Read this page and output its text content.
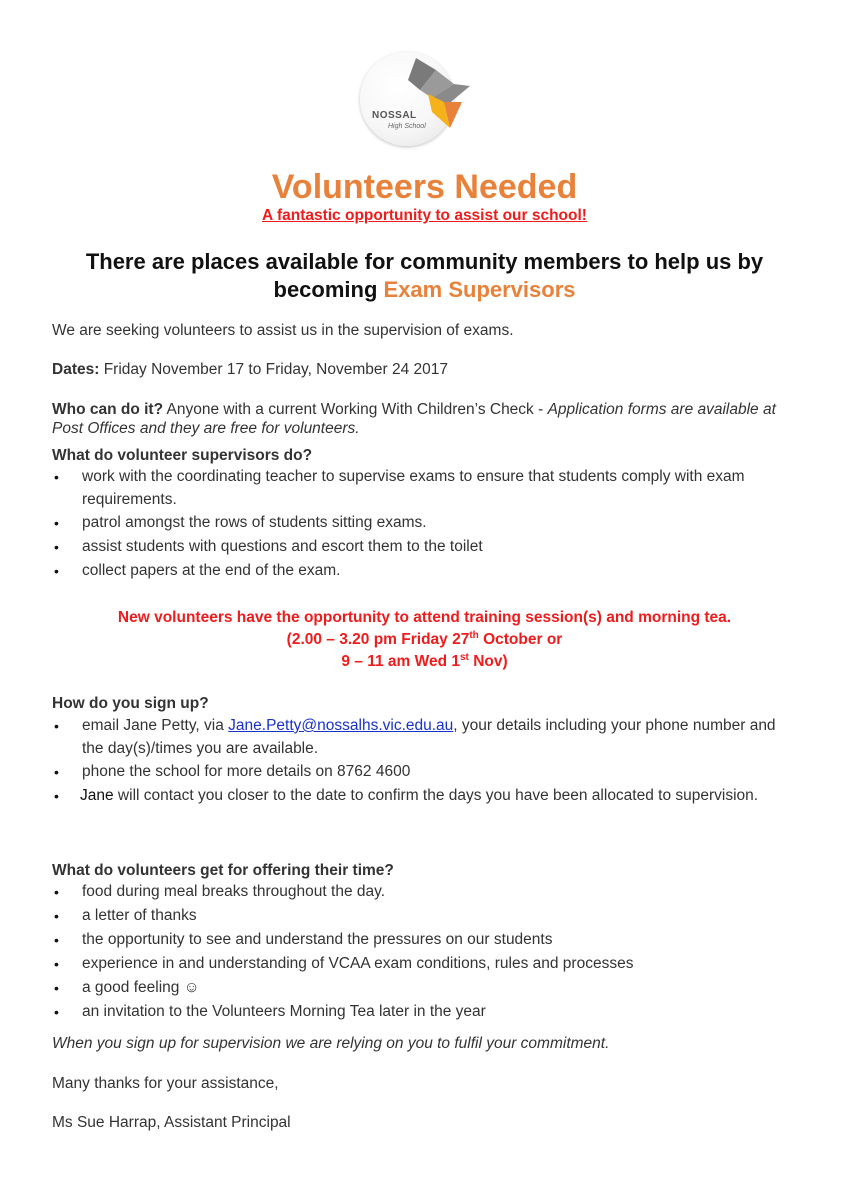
NOSSAL
High School
Volunteers Needed
A fantastic opportunity to assist our school!
There are places available for community members to help us by
becoming Exam Supervisors
We are seeking volunteers to assist us in the supervision of exams.
Dates: Friday November 17 to Friday, November 24 2017
Who can do it? Anyone with a current Working With Children’s Check - Application forms are available at Post Offices and they are free for volunteers.
What do volunteer supervisors do?
• work with the coordinating teacher to supervise exams to ensure that students comply with exam requirements.
• patrol amongst the rows of students sitting exams.
• assist students with questions and escort them to the toilet
• collect papers at the end of the exam.
New volunteers have the opportunity to attend training session(s) and morning tea.
(2.00 – 3.20 pm Friday 27th October or
9 – 11 am Wed 1st Nov)
How do you sign up?
• email Jane Petty, via Jane.Petty@nossalhs.vic.edu.au, your details including your phone number and the day(s)/times you are available.
• phone the school for more details on 8762 4600
• Jane will contact you closer to the date to confirm the days you have been allocated to supervision.
What do volunteers get for offering their time?
• food during meal breaks throughout the day.
• a letter of thanks
• the opportunity to see and understand the pressures on our students
• experience in and understanding of VCAA exam conditions, rules and processes
• a good feeling ☺
• an invitation to the Volunteers Morning Tea later in the year
When you sign up for supervision we are relying on you to fulfil your commitment.
Many thanks for your assistance,
Ms Sue Harrap, Assistant Principal
